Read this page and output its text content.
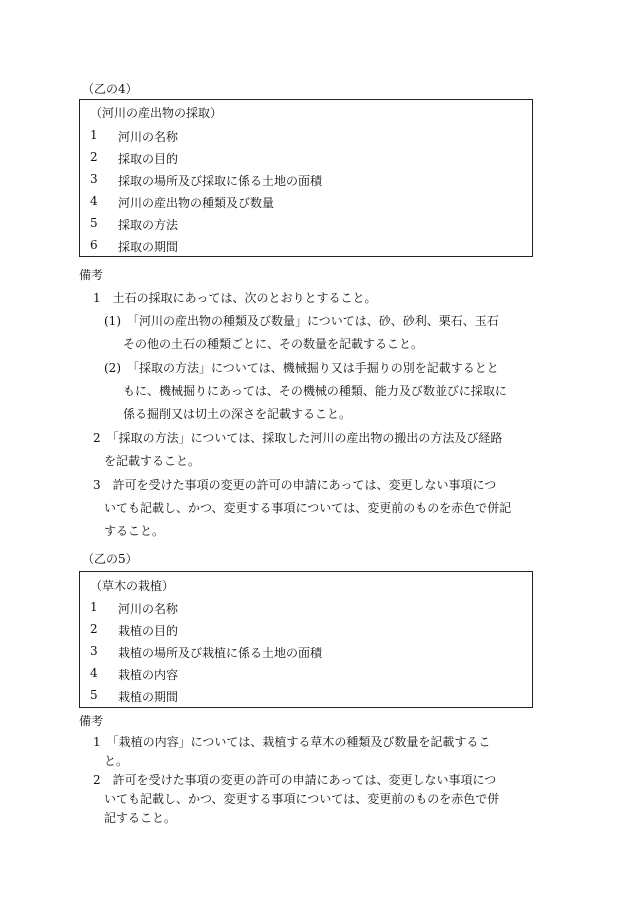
（乙の4）
（河川の産出物の採取）
1 河川の名称
2 採取の目的
3 採取の場所及び採取に係る土地の面積
4 河川の産出物の種類及び数量
5 採取の方法
6 採取の期間
備考
1　土石の採取にあっては、次のとおりとすること。
(1)　「河川の産出物の種類及び数量」については、砂、砂利、栗石、玉石
その他の土石の種類ごとに、その数量を記載すること。
(2)　「採取の方法」については、機械掘り又は手掘りの別を記載するとと
もに、機械掘りにあっては、その機械の種類、能力及び数並びに採取に
係る掘削又は切土の深さを記載すること。
2　「採取の方法」については、採取した河川の産出物の搬出の方法及び経路
を記載すること。
3　許可を受けた事項の変更の許可の申請にあっては、変更しない事項につ
いても記載し、かつ、変更する事項については、変更前のものを赤色で併記
すること。
（乙の5）
（草木の栽植）
1 河川の名称
2 栽植の目的
3 栽植の場所及び栽植に係る土地の面積
4 栽植の内容
5 栽植の期間
備考
1　「栽植の内容」については、栽植する草木の種類及び数量を記載するこ
と。
2　許可を受けた事項の変更の許可の申請にあっては、変更しない事項につ
いても記載し、かつ、変更する事項については、変更前のものを赤色で併
記すること。
